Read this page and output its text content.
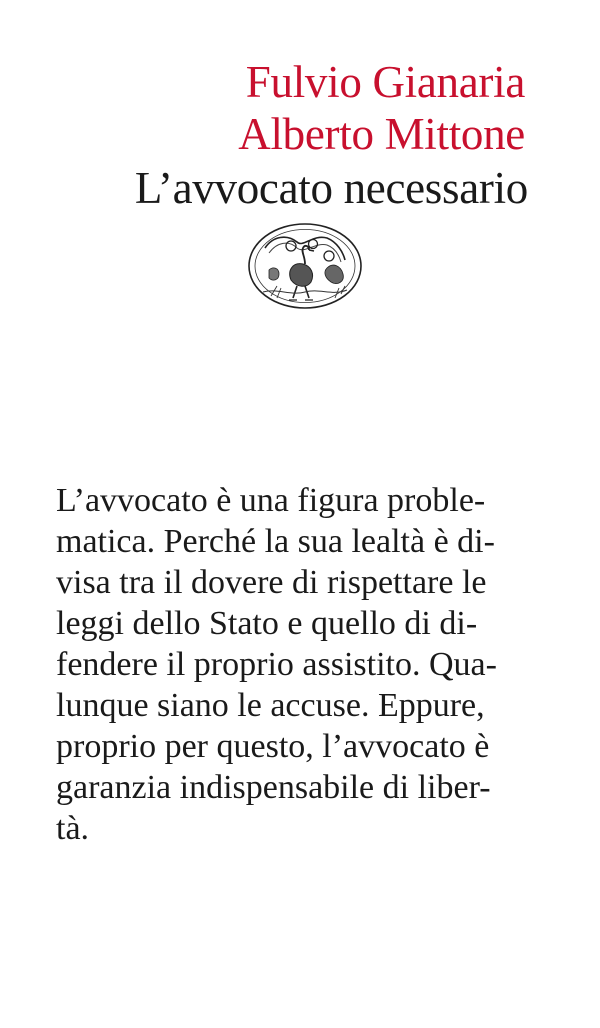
Fulvio Gianaria
Alberto Mittone
L’avvocato necessario
L’avvocato è una figura proble-
matica. Perché la sua lealtà è di-
visa tra il dovere di rispettare le
leggi dello Stato e quello di di-
fendere il proprio assistito. Qua-
lunque siano le accuse. Eppure,
proprio per questo, l’avvocato è
garanzia indispensabile di liber-
tà.
